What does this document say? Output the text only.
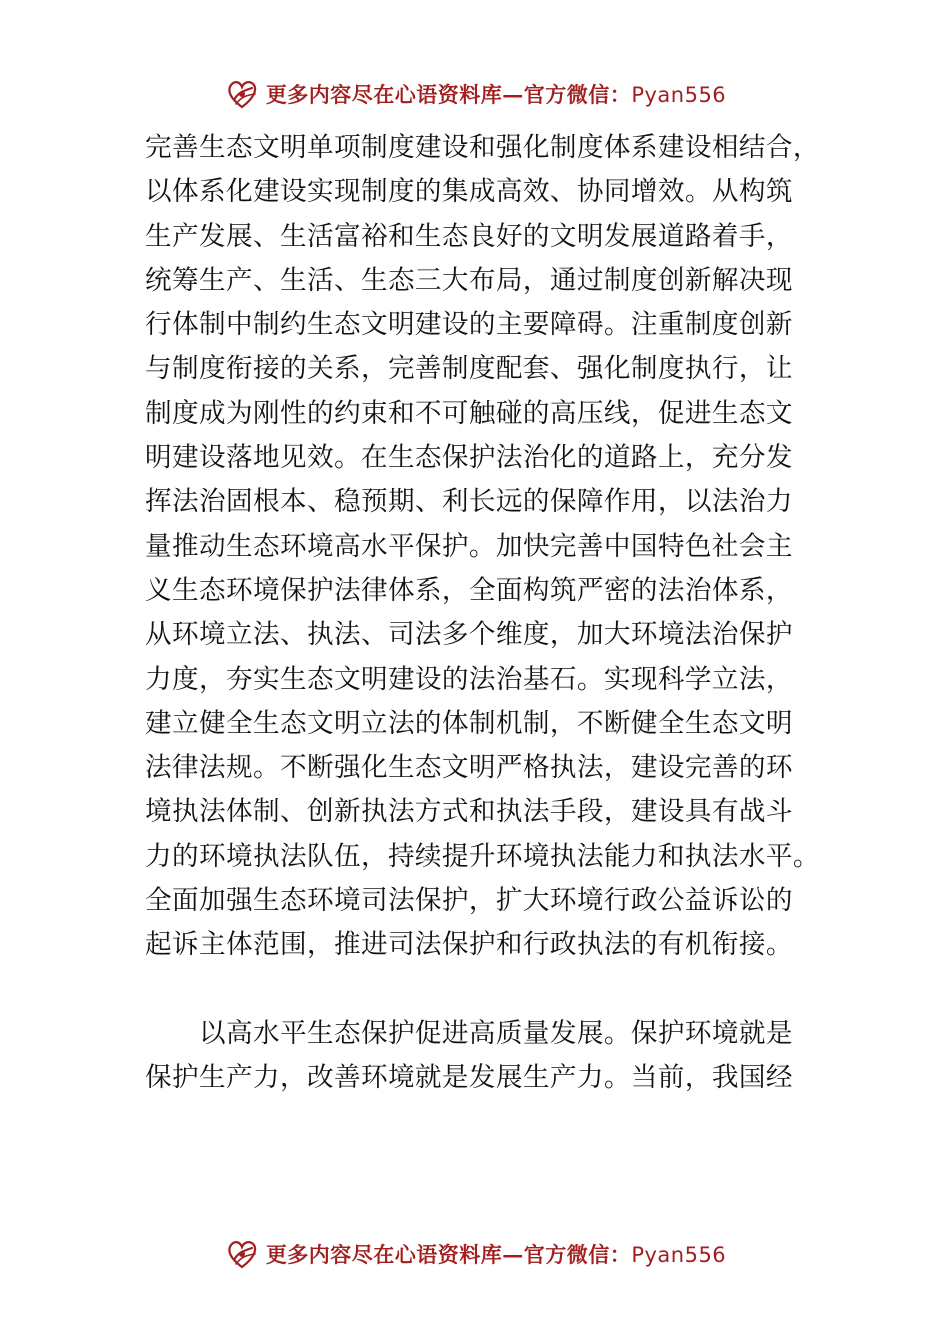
更多内容尽在心语资料库—官方微信：Pyan556
完善生态文明单项制度建设和强化制度体系建设相结合，
以体系化建设实现制度的集成高效、协同增效。从构筑
生产发展、生活富裕和生态良好的文明发展道路着手，
统筹生产、生活、生态三大布局，通过制度创新解决现
行体制中制约生态文明建设的主要障碍。注重制度创新
与制度衔接的关系，完善制度配套、强化制度执行，让
制度成为刚性的约束和不可触碰的高压线，促进生态文
明建设落地见效。在生态保护法治化的道路上，充分发
挥法治固根本、稳预期、利长远的保障作用，以法治力
量推动生态环境高水平保护。加快完善中国特色社会主
义生态环境保护法律体系，全面构筑严密的法治体系，
从环境立法、执法、司法多个维度，加大环境法治保护
力度，夯实生态文明建设的法治基石。实现科学立法，
建立健全生态文明立法的体制机制，不断健全生态文明
法律法规。不断强化生态文明严格执法，建设完善的环
境执法体制、创新执法方式和执法手段，建设具有战斗
力的环境执法队伍，持续提升环境执法能力和执法水平。
全面加强生态环境司法保护，扩大环境行政公益诉讼的
起诉主体范围，推进司法保护和行政执法的有机衔接。
　　以高水平生态保护促进高质量发展。保护环境就是
保护生产力，改善环境就是发展生产力。当前，我国经
更多内容尽在心语资料库—官方微信：Pyan556
